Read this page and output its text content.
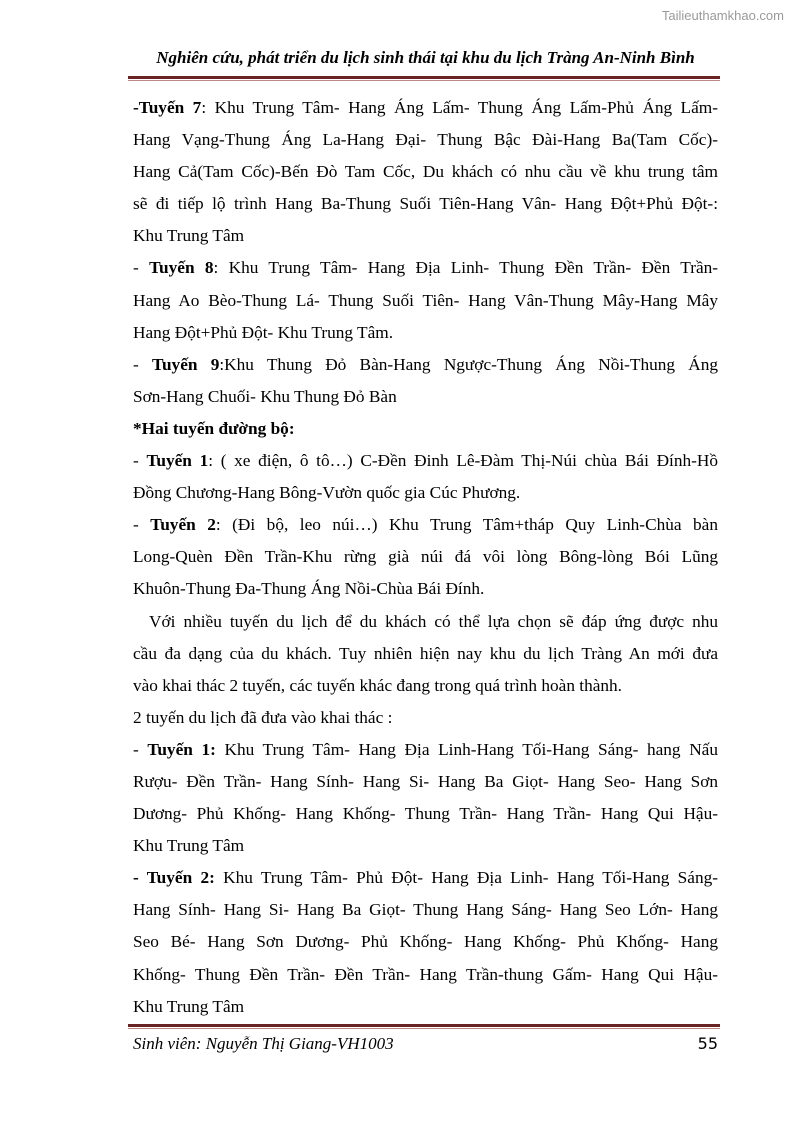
Tailieuthamkhao.com
Nghiên cứu, phát triển du lịch sinh thái tại khu du lịch Tràng An-Ninh Bình
-Tuyến 7: Khu Trung Tâm- Hang Áng Lấm- Thung Áng Lấm-Phủ Áng Lấm-
Hang Vạng-Thung Áng La-Hang Đại- Thung Bậc Đài-Hang Ba(Tam Cốc)-
Hang Cả(Tam Cốc)-Bến Đò Tam Cốc, Du khách có nhu cầu về khu trung tâm
sẽ đi tiếp lộ trình Hang Ba-Thung Suối Tiên-Hang Vân- Hang Đột+Phủ Đột-:
Khu Trung Tâm
- Tuyến 8: Khu Trung Tâm- Hang Địa Linh- Thung Đền Trần- Đền Trần-
Hang Ao Bèo-Thung Lá- Thung Suối Tiên- Hang Vân-Thung Mây-Hang Mây
Hang Đột+Phủ Đột- Khu Trung Tâm.
- Tuyến 9:Khu Thung Đỏ Bàn-Hang Ngược-Thung Áng Nồi-Thung Áng
Sơn-Hang Chuối- Khu Thung Đỏ Bàn
*Hai tuyến đường bộ:
- Tuyến 1: ( xe điện, ô tô…) C-Đền Đinh Lê-Đàm Thị-Núi chùa Bái Đính-Hồ
Đồng Chương-Hang Bông-Vườn quốc gia Cúc Phương.
- Tuyến 2: (Đi bộ, leo núi…) Khu Trung Tâm+tháp Quy Linh-Chùa bàn
Long-Quèn Đền Trần-Khu rừng già núi đá vôi lòng Bông-lòng Bói Lũng
Khuôn-Thung Đa-Thung Áng Nồi-Chùa Bái Đính.
Với nhiều tuyến du lịch để du khách có thể lựa chọn sẽ đáp ứng được nhu
cầu đa dạng của du khách. Tuy nhiên hiện nay khu du lịch Tràng An mới đưa
vào khai thác 2 tuyến, các tuyến khác đang trong quá trình hoàn thành.
2 tuyến du lịch đã đưa vào khai thác :
- Tuyến 1: Khu Trung Tâm- Hang Địa Linh-Hang Tối-Hang Sáng- hang Nấu
Rượu- Đền Trần- Hang Sính- Hang Si- Hang Ba Giọt- Hang Seo- Hang Sơn
Dương- Phủ Khống- Hang Khống- Thung Trần- Hang Trần- Hang Qui Hậu-
Khu Trung Tâm
- Tuyến 2: Khu Trung Tâm- Phủ Đột- Hang Địa Linh- Hang Tối-Hang Sáng-
Hang Sính- Hang Si- Hang Ba Giọt- Thung Hang Sáng- Hang Seo Lớn- Hang
Seo Bé- Hang Sơn Dương- Phủ Khống- Hang Khống- Phủ Khống- Hang
Khống- Thung Đền Trần- Đền Trần- Hang Trần-thung Gấm- Hang Qui Hậu-
Khu Trung Tâm
Sinh viên: Nguyễn Thị Giang-VH1003	55
